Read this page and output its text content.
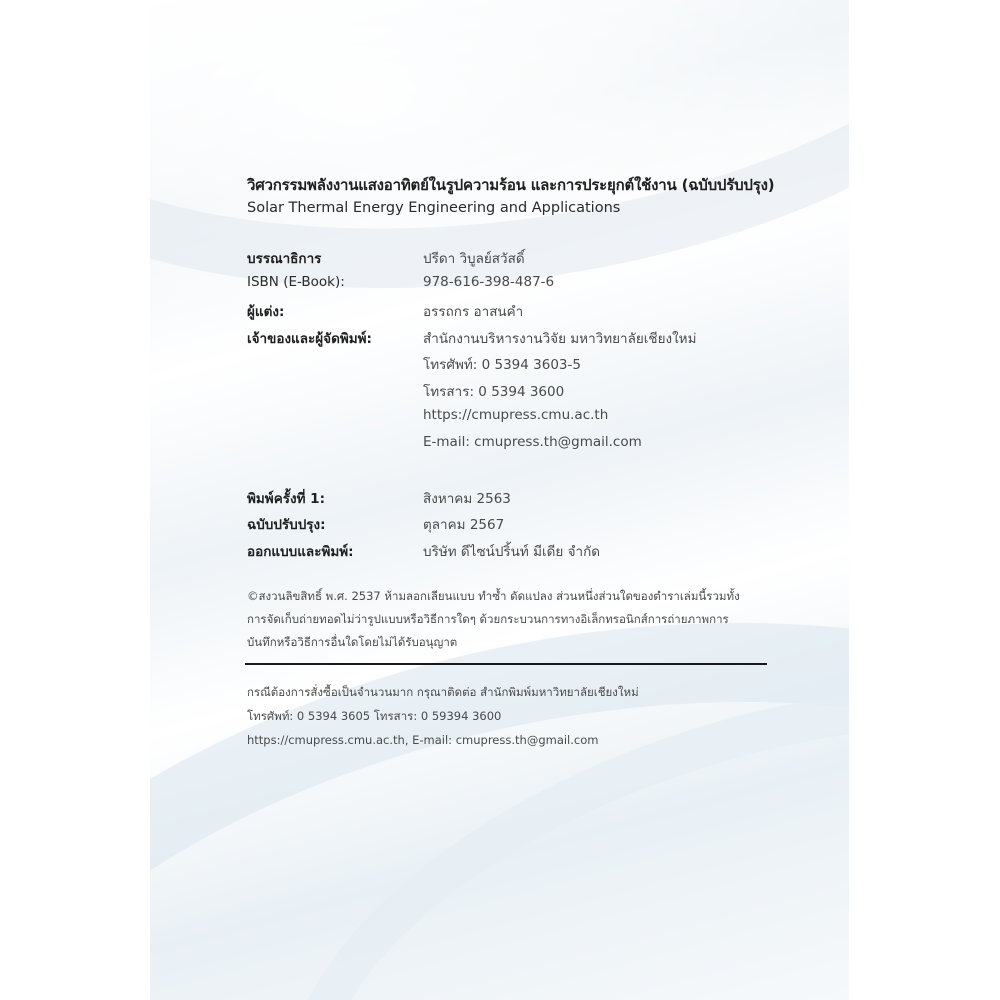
วิศวกรรมพลังงานแสงอาทิตย์ในรูปความร้อน และการประยุกต์ใช้งาน (ฉบับปรับปรุง)
Solar Thermal Energy Engineering and Applications
บรรณาธิการ	ปรีดา วิบูลย์สวัสดิ์
ISBN (E-Book):	978-616-398-487-6
ผู้แต่ง:	อรรถกร อาสนคำ
เจ้าของและผู้จัดพิมพ์:	สำนักงานบริหารงานวิจัย มหาวิทยาลัยเชียงใหม่
โทรศัพท์: 0 5394 3603-5
โทรสาร: 0 5394 3600
https://cmupress.cmu.ac.th
E-mail: cmupress.th@gmail.com
พิมพ์ครั้งที่ 1:	สิงหาคม 2563
ฉบับปรับปรุง:	ตุลาคม 2567
ออกแบบและพิมพ์:	บริษัท ดีไซน์ปริ้นท์ มีเดีย จำกัด
©สงวนลิขสิทธิ์ พ.ศ. 2537 ห้ามลอกเลียนแบบ ทำซ้ำ ดัดแปลง ส่วนหนึ่งส่วนใดของตำราเล่มนี้รวมทั้ง
การจัดเก็บถ่ายทอดไม่ว่ารูปแบบหรือวิธีการใดๆ ด้วยกระบวนการทางอิเล็กทรอนิกส์การถ่ายภาพการ
บันทึกหรือวิธีการอื่นใดโดยไม่ได้รับอนุญาต
กรณีต้องการสั่งซื้อเป็นจำนวนมาก กรุณาติดต่อ สำนักพิมพ์มหาวิทยาลัยเชียงใหม่
โทรศัพท์: 0 5394 3605 โทรสาร: 0 59394 3600
https://cmupress.cmu.ac.th, E-mail: cmupress.th@gmail.com
